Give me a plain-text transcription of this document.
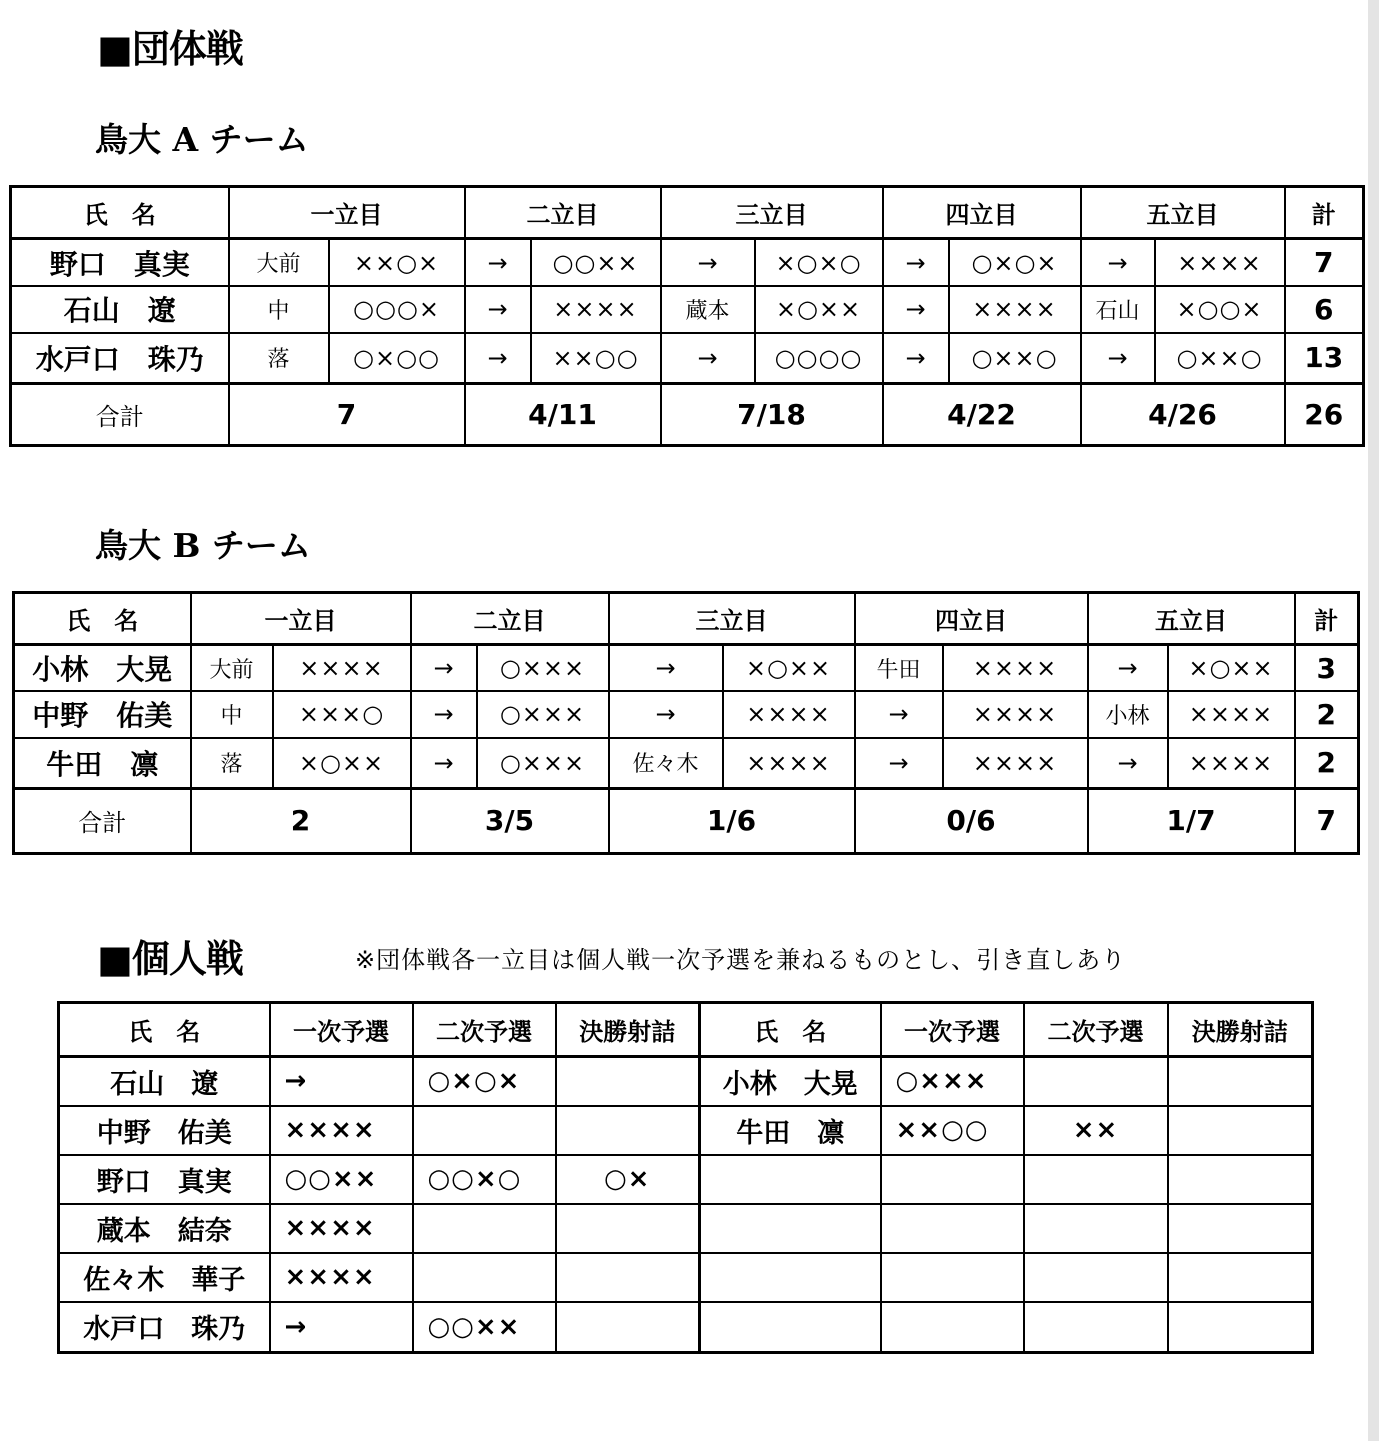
■団体戦
鳥大 A チーム
鳥大 B チーム
■個人戦	※団体戦各一立目は個人戦一次予選を兼ねるものとし、引き直しあり
氏　名	一立目		二立目		三立目		四立目		五立目		計
野口　真実	大前	××○×	→	○○××	→	×○×○	→	○×○×	→	××××	7
石山　遼	中	○○○×	→	××××	蔵本	×○××	→	××××	石山	×○○×	6
水戸口　珠乃	落	○×○○	→	××○○	→	○○○○	→	○××○	→	○××○	13
合計	7		4/11		7/18		4/22		4/26		26
氏　名	一立目		二立目		三立目		四立目		五立目		計
小林　大晃	大前	××××	→	○×××	→	×○××	牛田	××××	→	×○××	3
中野　佑美	中	×××○	→	○×××	→	××××	→	××××	小林	××××	2
牛田　凛	落	×○××	→	○×××	佐々木	××××	→	××××	→	××××	2
合計	2		3/5		1/6		0/6		1/7		7
氏　名	一次予選	二次予選	決勝射詰	氏　名	一次予選	二次予選	決勝射詰
石山　遼	→	○×○×		小林　大晃	○×××		
中野　佑美	××××			牛田　凛	××○○	××	
野口　真実	○○××	○○×○	○×				
蔵本　結奈	××××						
佐々木　華子	××××						
水戸口　珠乃	→	○○××					
